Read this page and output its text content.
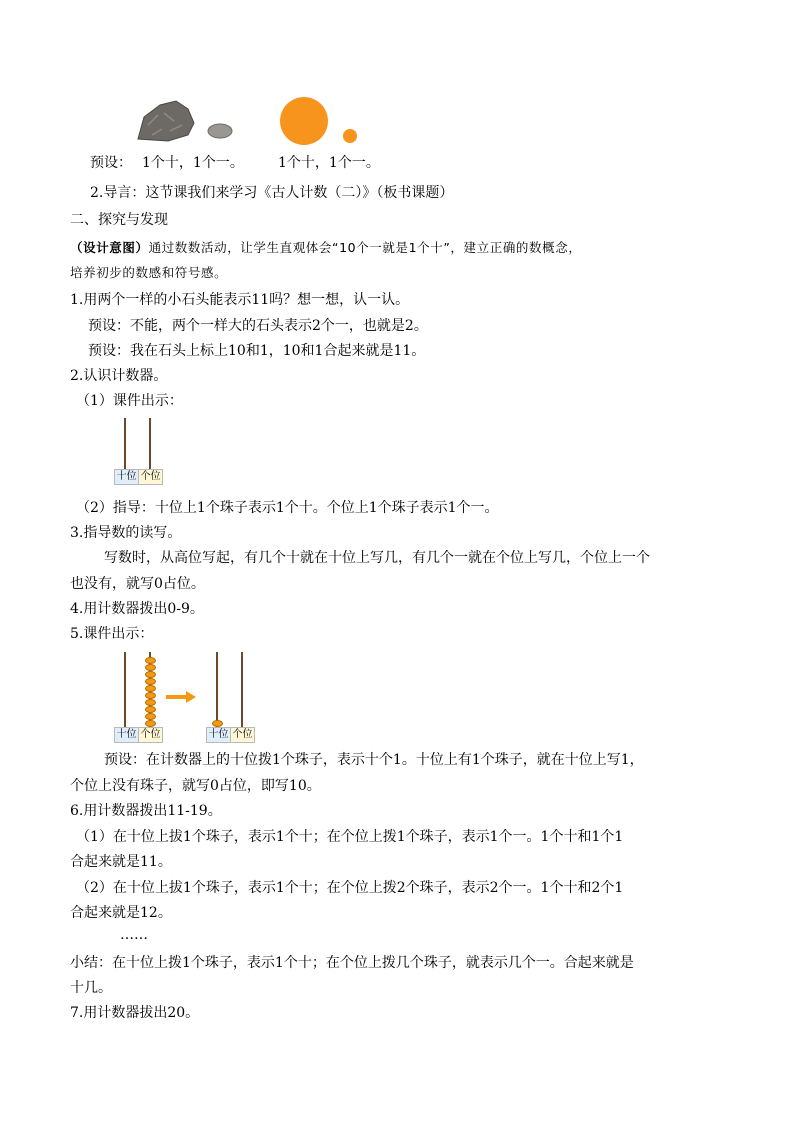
预设： 1个十，1个一。 1个十，1个一。
2.导言：这节课我们来学习《古人计数（二）》（板书课题）
二、探究与发现
（设计意图）通过数数活动，让学生直观体会“10个一就是1个十”，建立正确的数概念，
培养初步的数感和符号感。
1.用两个一样的小石头能表示11吗？想一想，认一认。
预设：不能，两个一样大的石头表示2个一，也就是2。
预设：我在石头上标上10和1，10和1合起来就是11。
2.认识计数器。
（1）课件出示：
十位 个位
（2）指导：十位上1个珠子表示1个十。个位上1个珠子表示1个一。
3.指导数的读写。
写数时，从高位写起，有几个十就在十位上写几，有几个一就在个位上写几，个位上一个
也没有，就写0占位。
4.用计数器拨出0-9。
5.课件出示：
十位 个位	十位 个位
预设：在计数器上的十位拨1个珠子，表示十个1。十位上有1个珠子，就在十位上写1，
个位上没有珠子，就写0占位，即写10。
6.用计数器拨出11-19。
（1）在十位上拔1个珠子，表示1个十；在个位上拨1个珠子，表示1个一。1个十和1个1
合起来就是11。
（2）在十位上拔1个珠子，表示1个十；在个位上拨2个珠子，表示2个一。1个十和2个1
合起来就是12。
……
小结：在十位上拨1个珠子，表示1个十；在个位上拨几个珠子，就表示几个一。合起来就是
十几。
7.用计数器拔出20。
